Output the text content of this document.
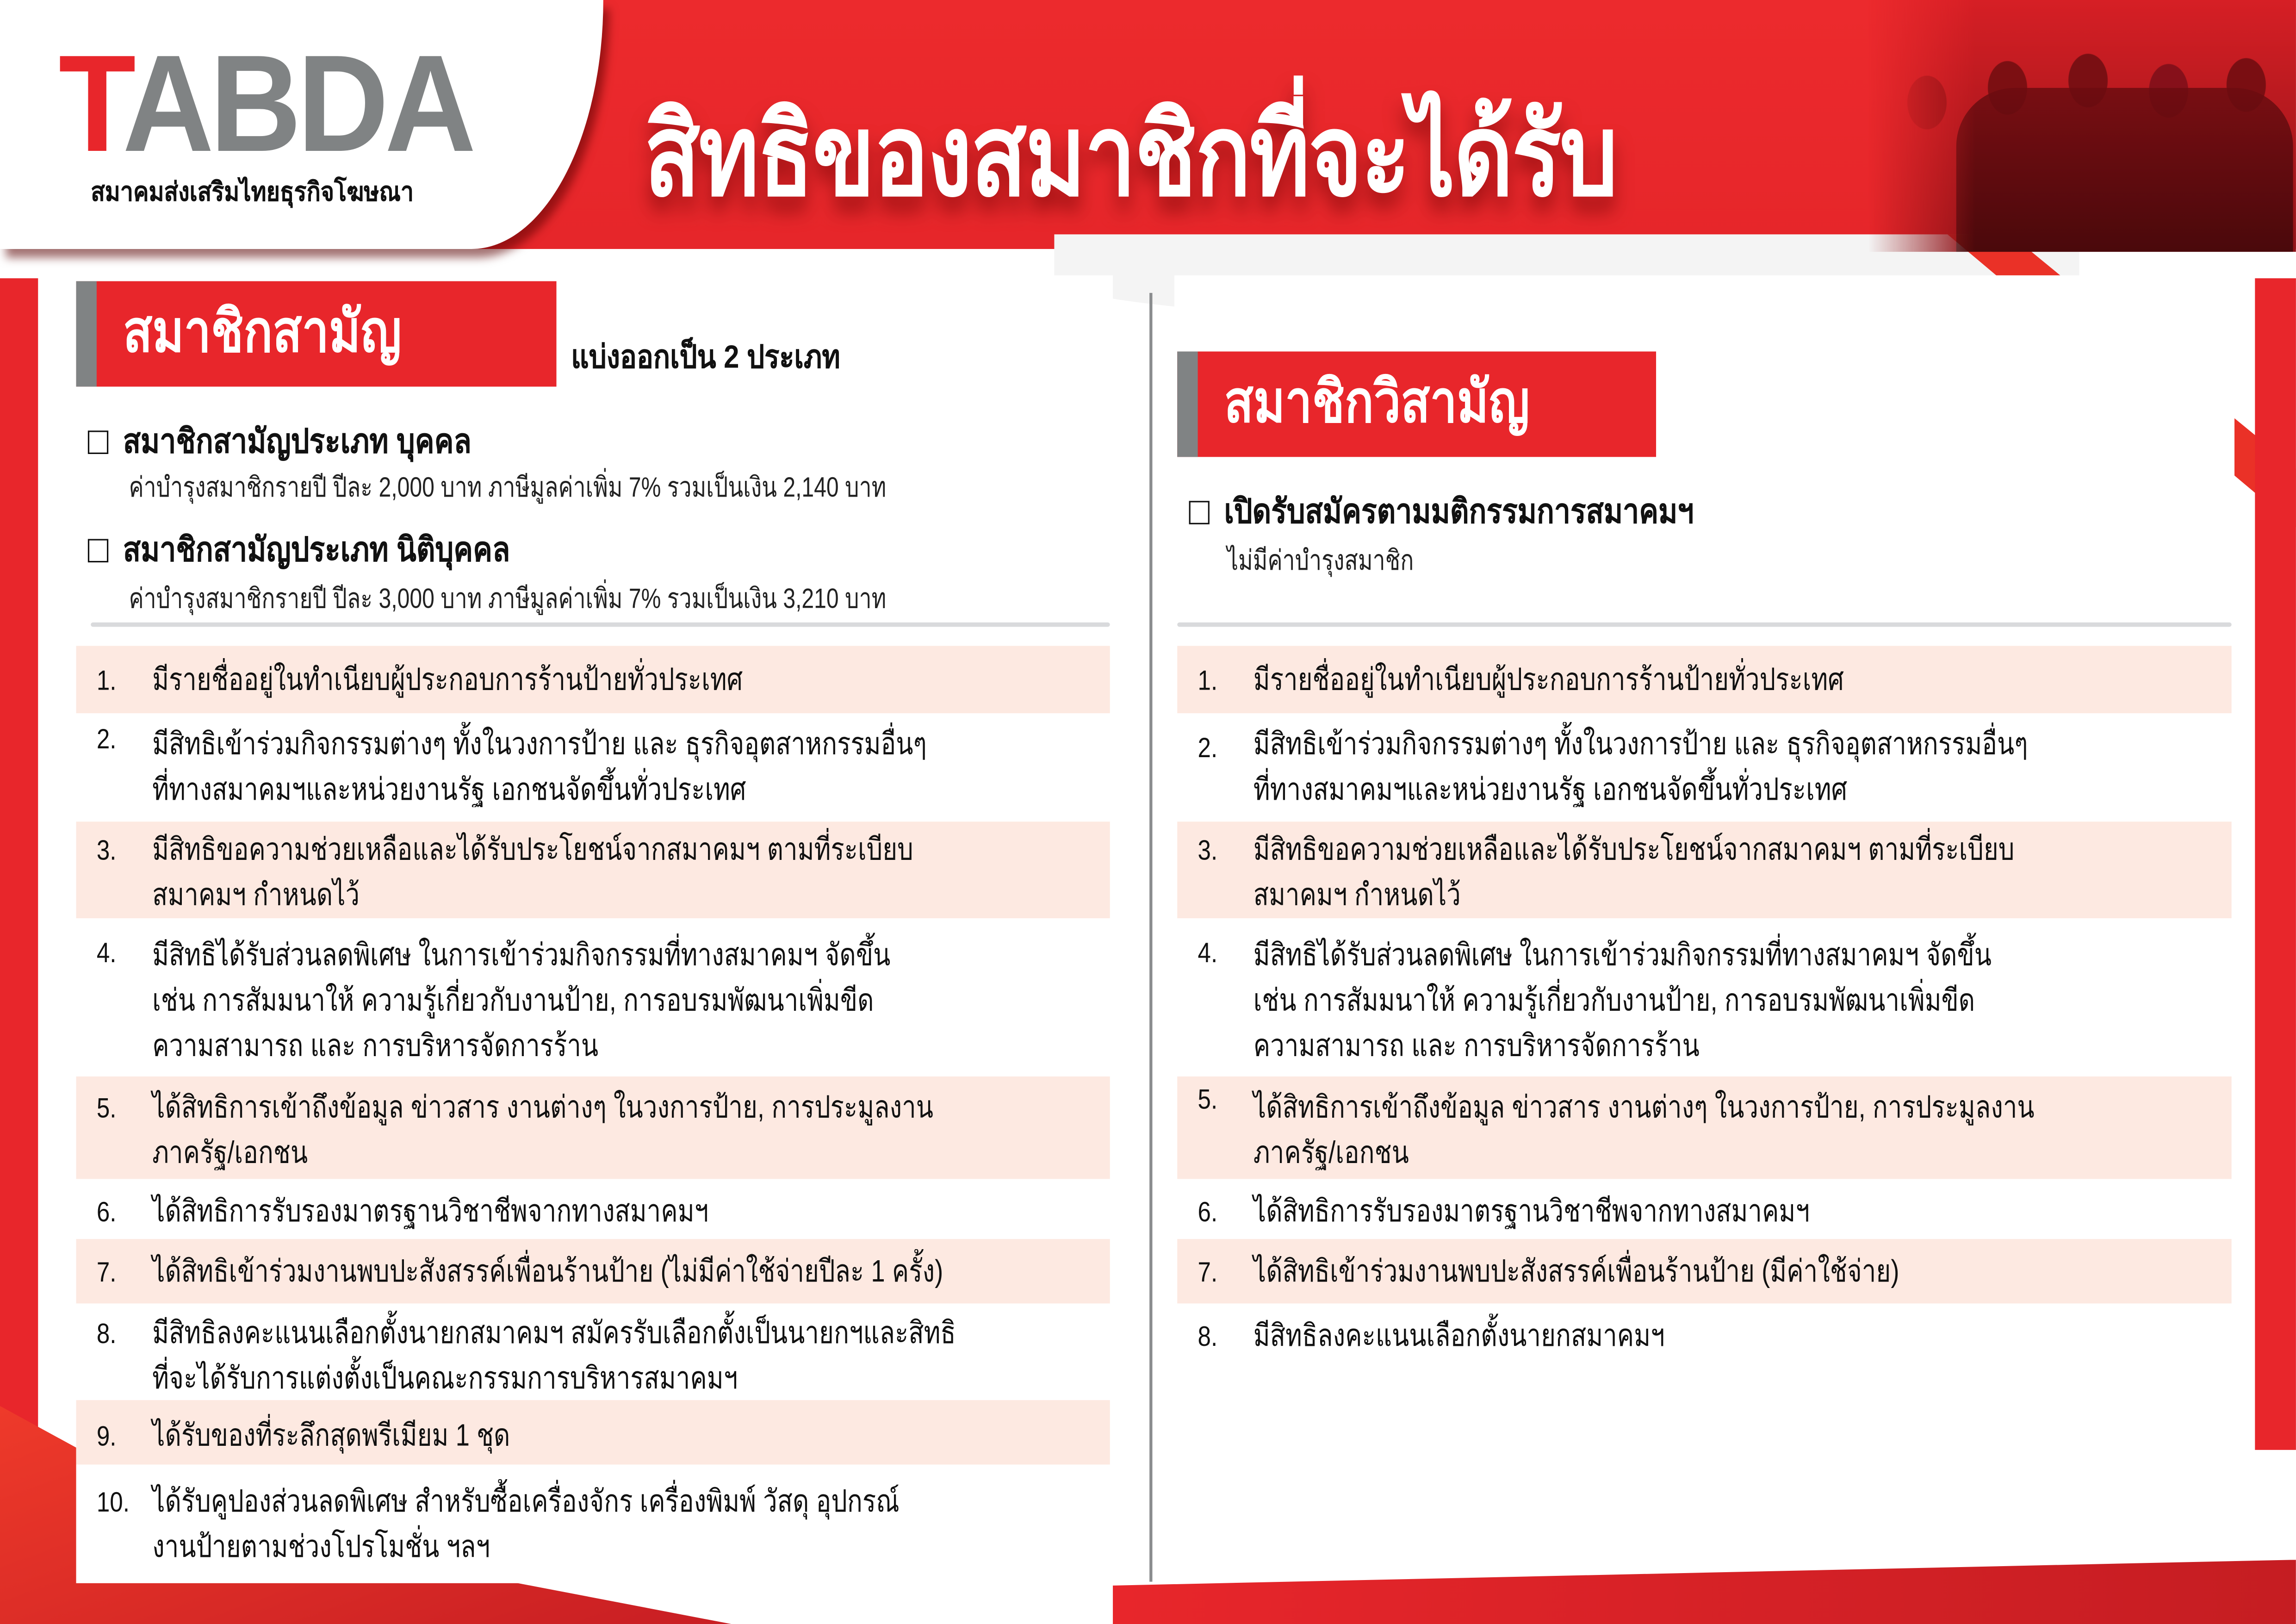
TABDA
สมาคมส่งเสริมไทยธุรกิจโฆษณา	สิทธิของสมาชิกที่จะได้รับ
สมาชิกสามัญ	แบ่งออกเป็น 2 ประเภท
สมาชิกสามัญประเภท บุคคล
ค่าบำรุงสมาชิกรายปี ปีละ 2,000 บาท ภาษีมูลค่าเพิ่ม 7% รวมเป็นเงิน 2,140 บาท
สมาชิกสามัญประเภท นิติบุคคล
ค่าบำรุงสมาชิกรายปี ปีละ 3,000 บาท ภาษีมูลค่าเพิ่ม 7% รวมเป็นเงิน 3,210 บาท
1.	มีรายชื่ออยู่ในทำเนียบผู้ประกอบการร้านป้ายทั่วประเทศ
2.	มีสิทธิเข้าร่วมกิจกรรมต่างๆ ทั้งในวงการป้าย และ ธุรกิจอุตสาหกรรมอื่นๆ
ที่ทางสมาคมฯและหน่วยงานรัฐ เอกชนจัดขึ้นทั่วประเทศ
3.	มีสิทธิขอความช่วยเหลือและได้รับประโยชน์จากสมาคมฯ ตามที่ระเบียบ
สมาคมฯ กำหนดไว้
4.	มีสิทธิได้รับส่วนลดพิเศษ ในการเข้าร่วมกิจกรรมที่ทางสมาคมฯ จัดขึ้น
เช่น การสัมมนาให้ ความรู้เกี่ยวกับงานป้าย, การอบรมพัฒนาเพิ่มขีด
ความสามารถ และ การบริหารจัดการร้าน
5.	ได้สิทธิการเข้าถึงข้อมูล ข่าวสาร งานต่างๆ ในวงการป้าย, การประมูลงาน
ภาครัฐ/เอกชน
6.	ได้สิทธิการรับรองมาตรฐานวิชาชีพจากทางสมาคมฯ
7.	ได้สิทธิเข้าร่วมงานพบปะสังสรรค์เพื่อนร้านป้าย (ไม่มีค่าใช้จ่ายปีละ 1 ครั้ง)
8.	มีสิทธิลงคะแนนเลือกตั้งนายกสมาคมฯ สมัครรับเลือกตั้งเป็นนายกฯและสิทธิ
ที่จะได้รับการแต่งตั้งเป็นคณะกรรมการบริหารสมาคมฯ
9.	ได้รับของที่ระลึกสุดพรีเมียม 1 ชุด
10. ได้รับคูปองส่วนลดพิเศษ สำหรับซื้อเครื่องจักร เครื่องพิมพ์ วัสดุ อุปกรณ์
งานป้ายตามช่วงโปรโมชั่น ฯลฯ
สมาชิกวิสามัญ
เปิดรับสมัครตามมติกรรมการสมาคมฯ
ไม่มีค่าบำรุงสมาชิก
1.	มีรายชื่ออยู่ในทำเนียบผู้ประกอบการร้านป้ายทั่วประเทศ
2.	มีสิทธิเข้าร่วมกิจกรรมต่างๆ ทั้งในวงการป้าย และ ธุรกิจอุตสาหกรรมอื่นๆ
ที่ทางสมาคมฯและหน่วยงานรัฐ เอกชนจัดขึ้นทั่วประเทศ
3.	มีสิทธิขอความช่วยเหลือและได้รับประโยชน์จากสมาคมฯ ตามที่ระเบียบ
สมาคมฯ กำหนดไว้
4.	มีสิทธิได้รับส่วนลดพิเศษ ในการเข้าร่วมกิจกรรมที่ทางสมาคมฯ จัดขึ้น
เช่น การสัมมนาให้ ความรู้เกี่ยวกับงานป้าย, การอบรมพัฒนาเพิ่มขีด
ความสามารถ และ การบริหารจัดการร้าน
5.	ได้สิทธิการเข้าถึงข้อมูล ข่าวสาร งานต่างๆ ในวงการป้าย, การประมูลงาน
ภาครัฐ/เอกชน
6.	ได้สิทธิการรับรองมาตรฐานวิชาชีพจากทางสมาคมฯ
7.	ได้สิทธิเข้าร่วมงานพบปะสังสรรค์เพื่อนร้านป้าย (มีค่าใช้จ่าย)
8.	มีสิทธิลงคะแนนเลือกตั้งนายกสมาคมฯ
